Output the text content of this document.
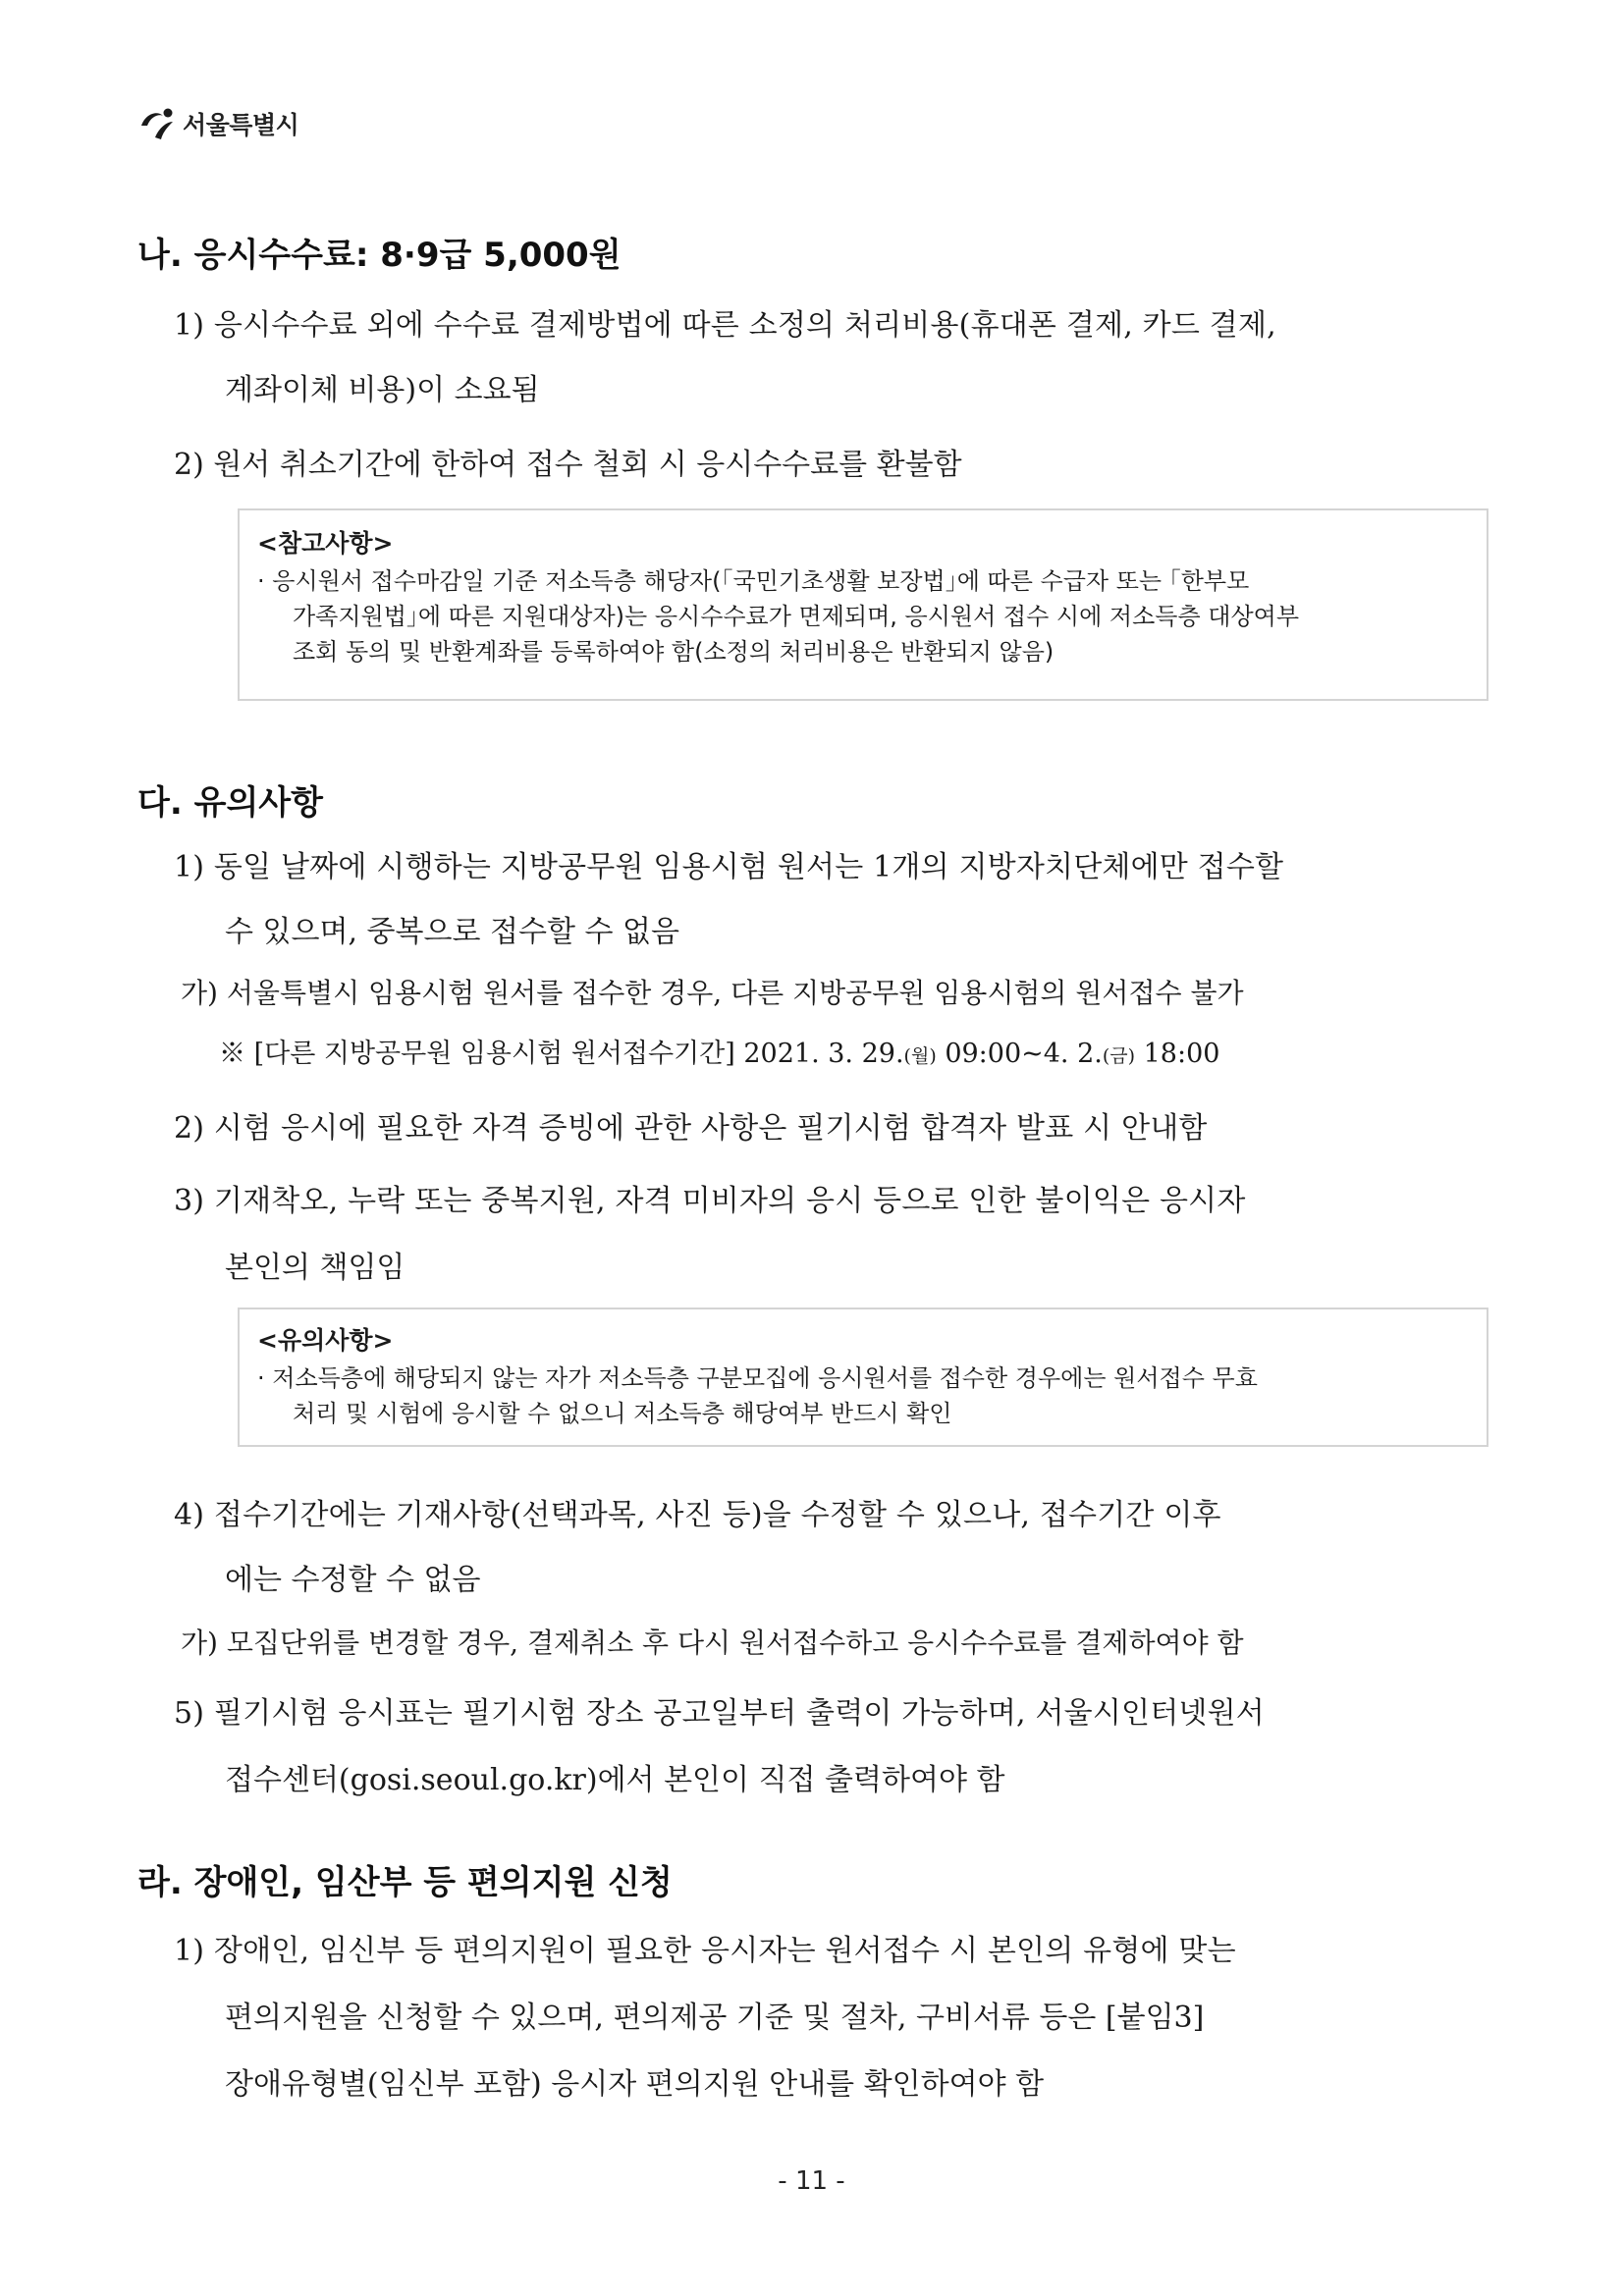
서울특별시
나. 응시수수료: 8·9급 5,000원
1) 응시수수료 외에 수수료 결제방법에 따른 소정의 처리비용(휴대폰 결제, 카드 결제,
계좌이체 비용)이 소요됨
2) 원서 취소기간에 한하여 접수 철회 시 응시수수료를 환불함
<참고사항>
· 응시원서 접수마감일 기준 저소득층 해당자(｢국민기초생활 보장법｣에 따른 수급자 또는 ｢한부모
가족지원법｣에 따른 지원대상자)는 응시수수료가 면제되며, 응시원서 접수 시에 저소득층 대상여부
조회 동의 및 반환계좌를 등록하여야 함(소정의 처리비용은 반환되지 않음)
다. 유의사항
1) 동일 날짜에 시행하는 지방공무원 임용시험 원서는 1개의 지방자치단체에만 접수할
수 있으며, 중복으로 접수할 수 없음
가) 서울특별시 임용시험 원서를 접수한 경우, 다른 지방공무원 임용시험의 원서접수 불가
※ [다른 지방공무원 임용시험 원서접수기간] 2021. 3. 29.(월) 09:00~4. 2.(금) 18:00
2) 시험 응시에 필요한 자격 증빙에 관한 사항은 필기시험 합격자 발표 시 안내함
3) 기재착오, 누락 또는 중복지원, 자격 미비자의 응시 등으로 인한 불이익은 응시자
본인의 책임임
<유의사항>
· 저소득층에 해당되지 않는 자가 저소득층 구분모집에 응시원서를 접수한 경우에는 원서접수 무효
처리 및 시험에 응시할 수 없으니 저소득층 해당여부 반드시 확인
4) 접수기간에는 기재사항(선택과목, 사진 등)을 수정할 수 있으나, 접수기간 이후
에는 수정할 수 없음
가) 모집단위를 변경할 경우, 결제취소 후 다시 원서접수하고 응시수수료를 결제하여야 함
5) 필기시험 응시표는 필기시험 장소 공고일부터 출력이 가능하며, 서울시인터넷원서
접수센터(gosi.seoul.go.kr)에서 본인이 직접 출력하여야 함
라. 장애인, 임산부 등 편의지원 신청
1) 장애인, 임신부 등 편의지원이 필요한 응시자는 원서접수 시 본인의 유형에 맞는
편의지원을 신청할 수 있으며, 편의제공 기준 및 절차, 구비서류 등은 [붙임3]
장애유형별(임신부 포함) 응시자 편의지원 안내를 확인하여야 함
- 11 -
